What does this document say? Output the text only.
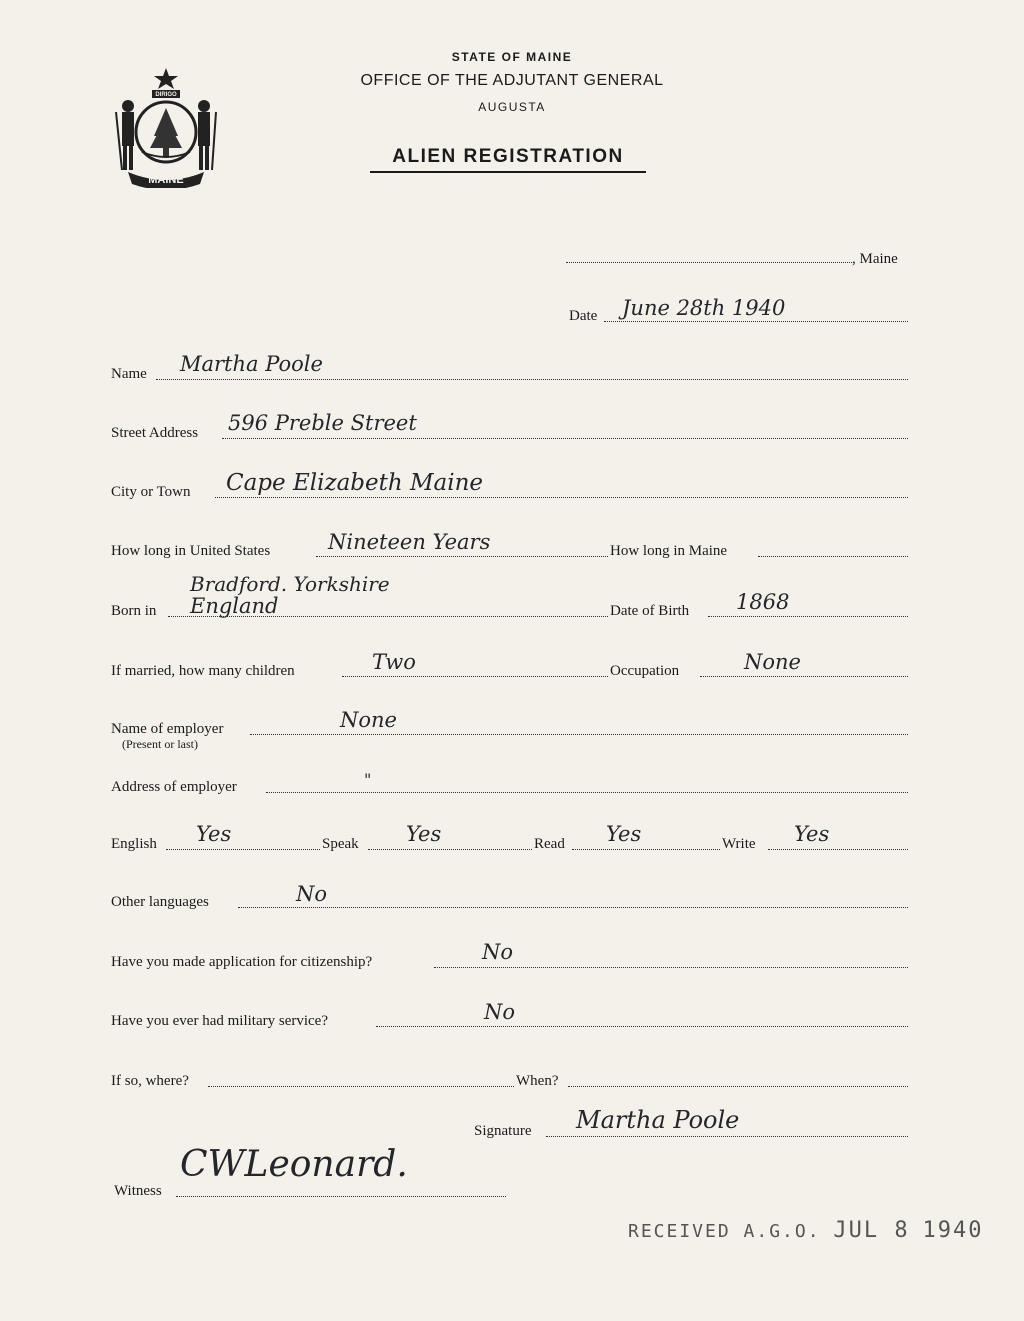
MAINE
DIRIGO
STATE OF MAINE
OFFICE OF THE ADJUTANT GENERAL
AUGUSTA
ALIEN REGISTRATION
, Maine
Date June 28th 1940
Name Martha Poole
Street Address 596 Preble Street
City or Town Cape Elizabeth Maine
How long in United States	Nineteen Years	How long in Maine
Bradford. Yorkshire
Born in England	Date of Birth 1868
If married, how many children	Two	Occupation	None
Name of employer
(Present or last)
None
Address of employer	"
English Yes	Speak Yes	Read Yes	Write Yes
Other languages	No
Have you made application for citizenship?	No
Have you ever had military service?	No
If so, where?	When?
Signature Martha Poole
Witness
CWLeonard.
RECEIVED A.G.O. JUL 8 1940
